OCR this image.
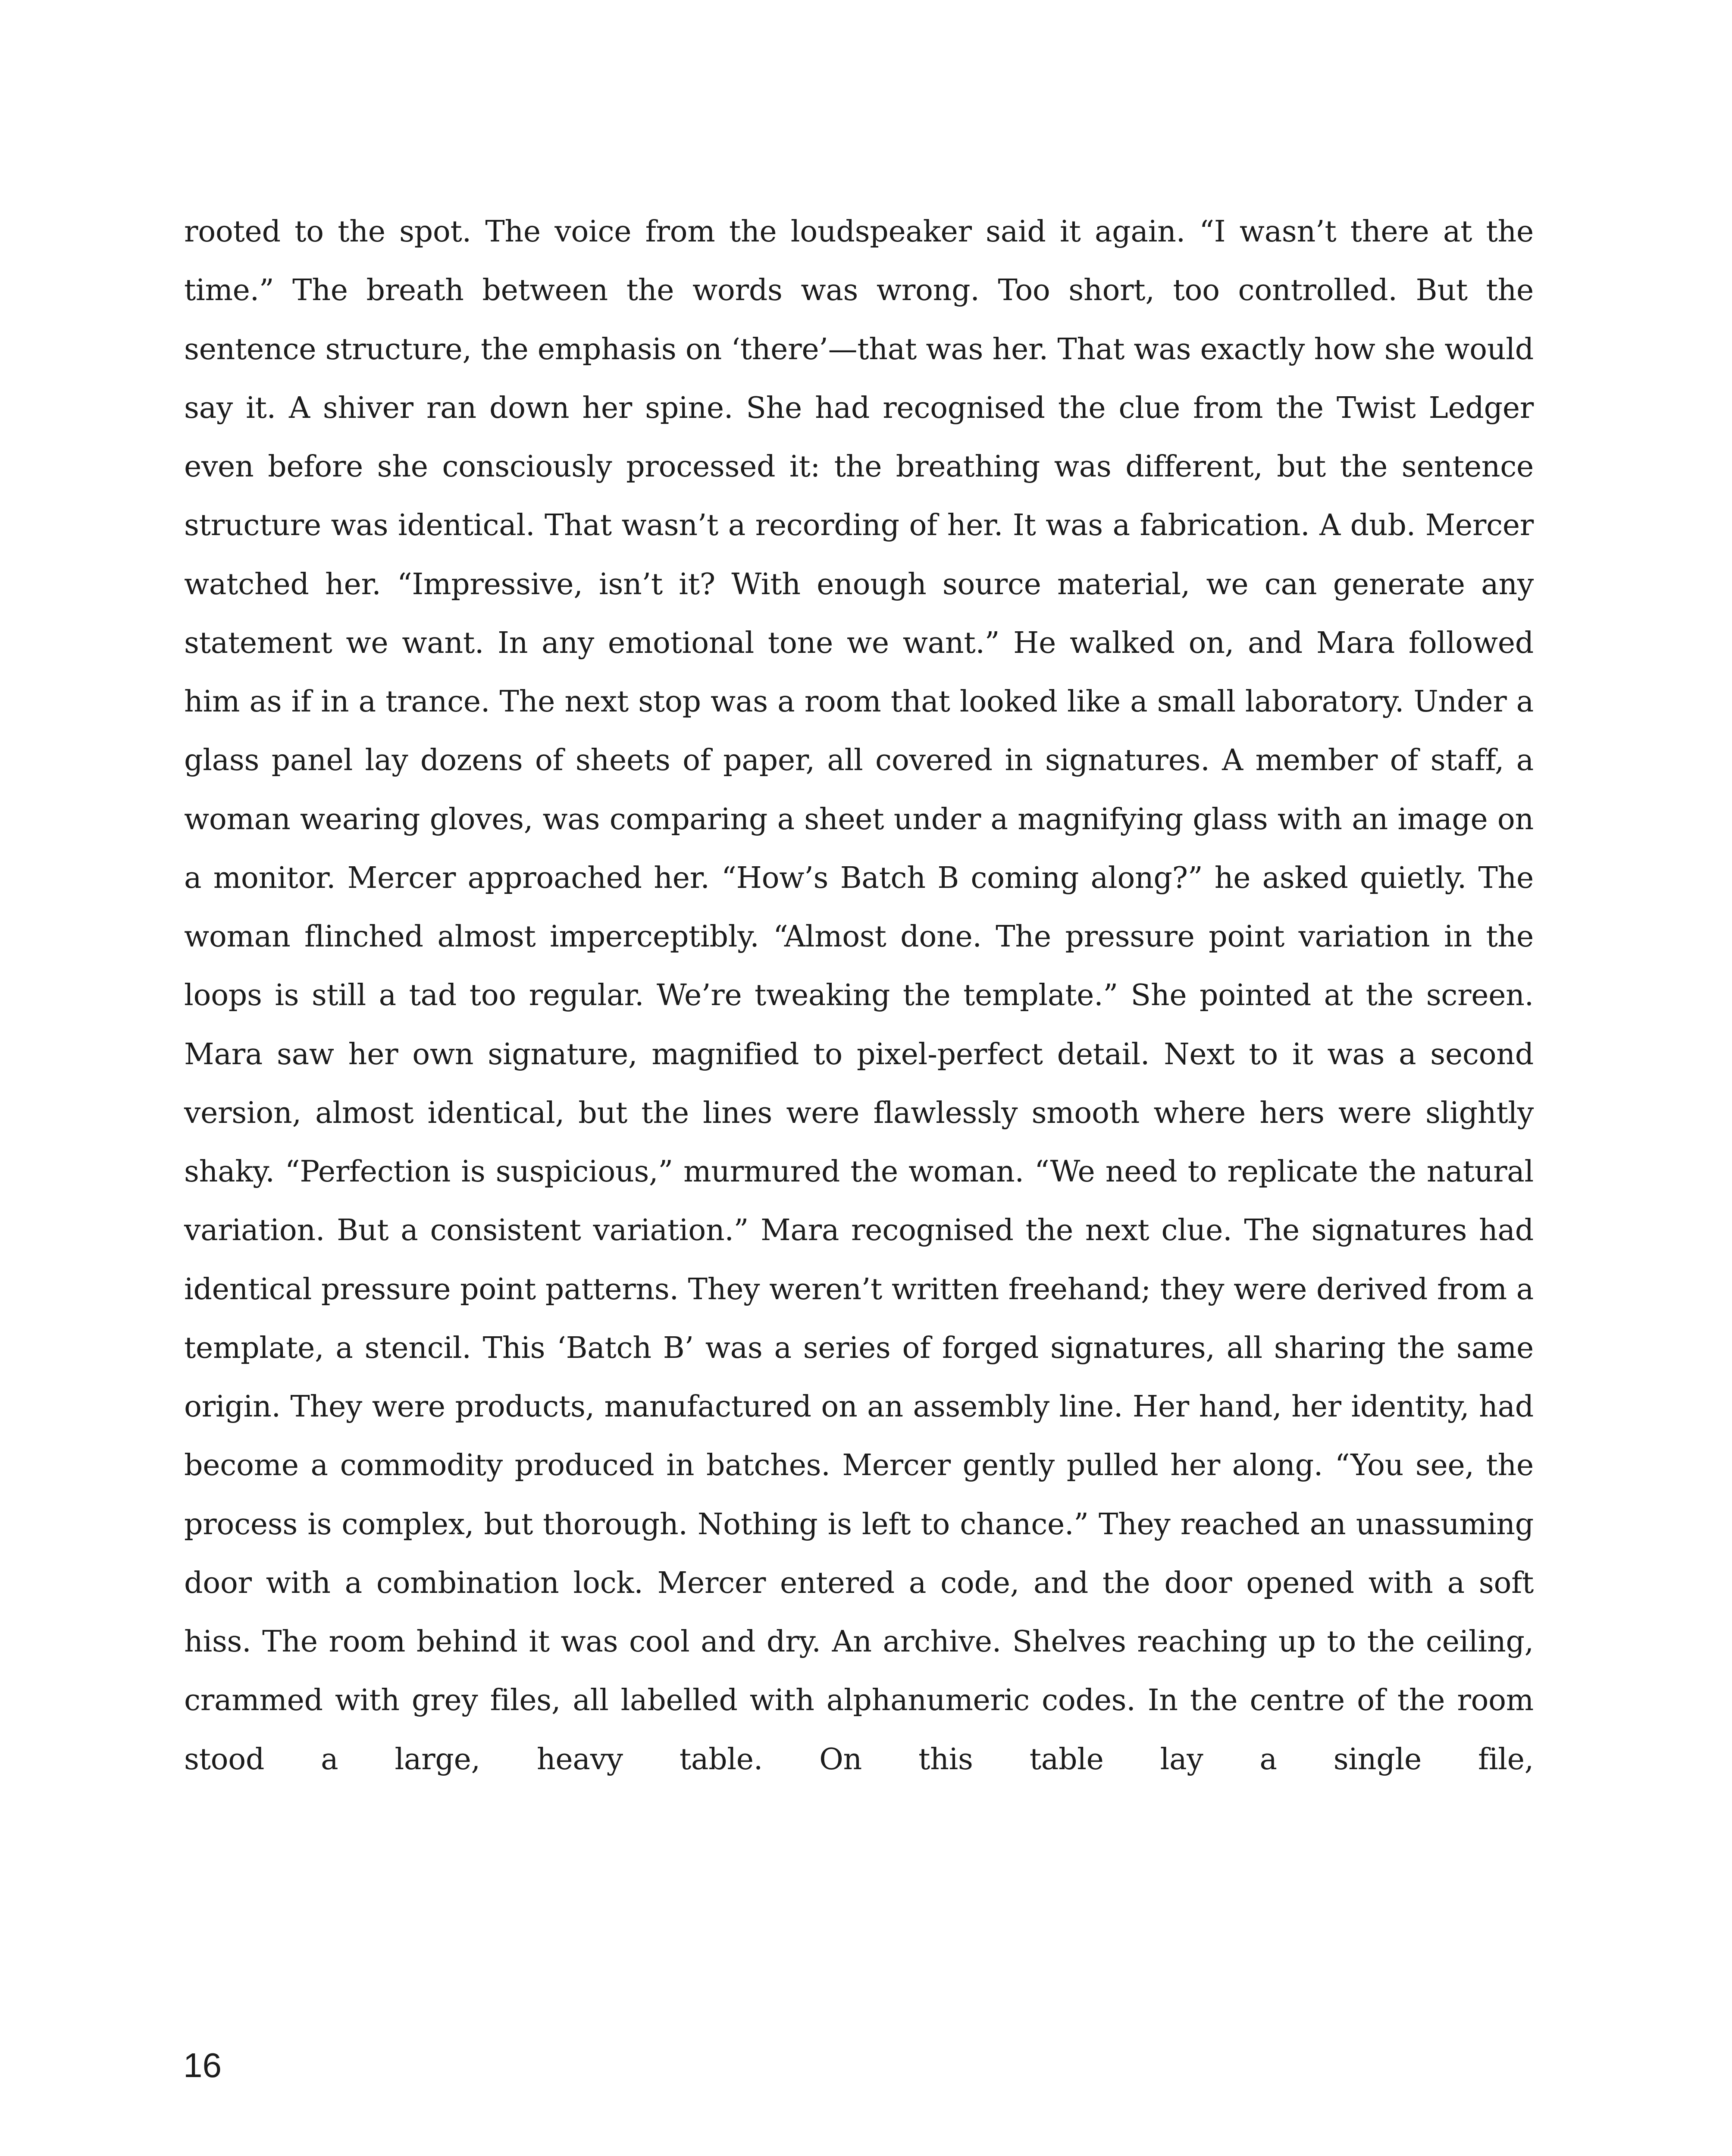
rooted to the spot. The voice from the loudspeaker said it again. “I wasn’t there at the time.” The breath between the words was wrong. Too short, too controlled. But the sentence structure, the emphasis on ‘there’—that was her. That was exactly how she would say it. A shiver ran down her spine. She had recognised the clue from the Twist Ledger even before she consciously processed it: the breathing was different, but the sentence structure was identical. That wasn’t a recording of her. It was a fabrication. A dub. Mercer watched her. “Impressive, isn’t it? With enough source material, we can generate any statement we want. In any emotional tone we want.” He walked on, and Mara followed him as if in a trance. The next stop was a room that looked like a small laboratory. Under a glass panel lay dozens of sheets of paper, all covered in signatures. A member of staff, a woman wearing gloves, was comparing a sheet under a magnifying glass with an image on a monitor. Mercer approached her. “How’s Batch B coming along?” he asked quietly. The woman flinched almost imperceptibly. “Almost done. The pressure point variation in the loops is still a tad too regular. We’re tweaking the template.” She pointed at the screen. Mara saw her own signature, magnified to pixel-perfect detail. Next to it was a second version, almost identical, but the lines were flawlessly smooth where hers were slightly shaky. “Perfection is suspicious,” murmured the woman. “We need to replicate the natural variation. But a consistent variation.” Mara recognised the next clue. The signatures had identical pressure point patterns. They weren’t written freehand; they were derived from a template, a stencil. This ‘Batch B’ was a series of forged signatures, all sharing the same origin. They were products, manufactured on an assembly line. Her hand, her identity, had become a commodity produced in batches. Mercer gently pulled her along. “You see, the process is complex, but thorough. Nothing is left to chance.” They reached an unassuming door with a combination lock. Mercer entered a code, and the door opened with a soft hiss. The room behind it was cool and dry. An archive. Shelves reaching up to the ceiling, crammed with grey files, all labelled with alphanumeric codes. In the centre of the room stood a large, heavy table. On this table lay a single file,

16
